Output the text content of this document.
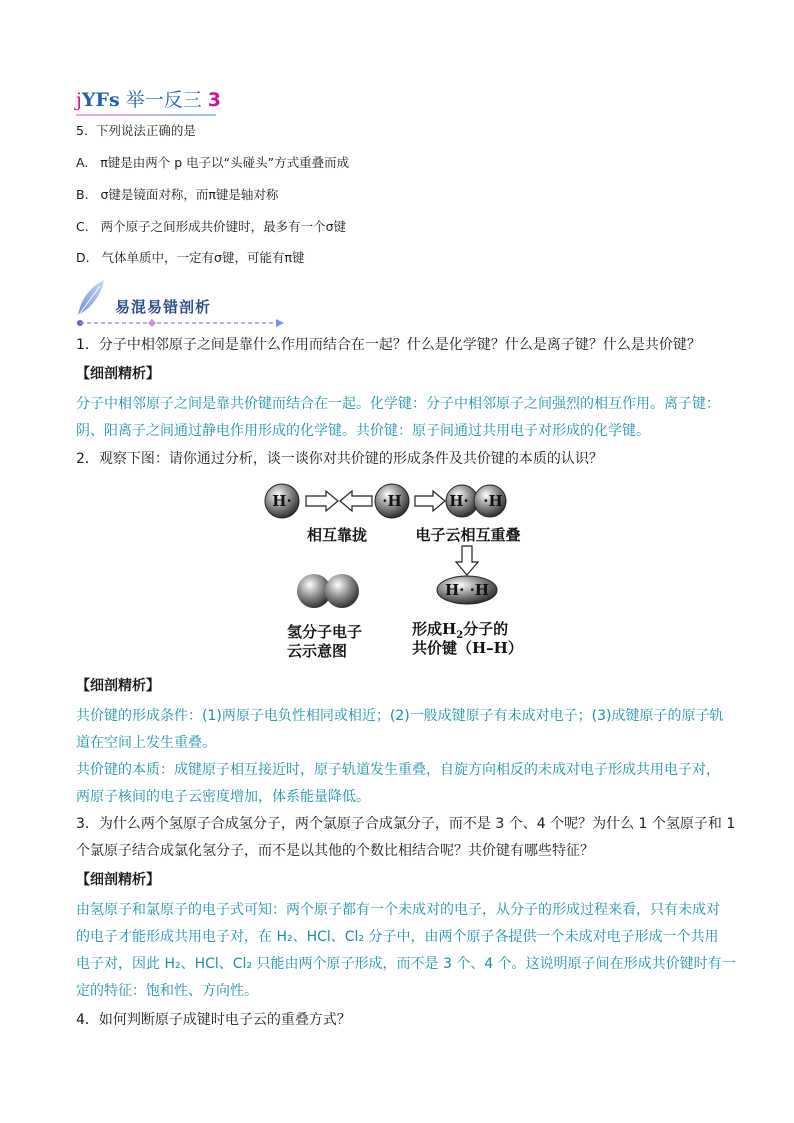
jYFs 举一反三 3
5. 下列说法正确的是
A. π键是由两个 p 电子以“头碰头”方式重叠而成
B. σ键是镜面对称，而π键是轴对称
C. 两个原子之间形成共价键时，最多有一个σ键
D. 气体单质中，一定有σ键，可能有π键
易混易错剖析
1．分子中相邻原子之间是靠什么作用而结合在一起？什么是化学键？什么是离子键？什么是共价键？
【细剖精析】
分子中相邻原子之间是靠共价键而结合在一起。化学键：分子中相邻原子之间强烈的相互作用。离子键：
阴、阳离子之间通过静电作用形成的化学键。共价键：原子间通过共用电子对形成的化学键。
2．观察下图：请你通过分析，谈一谈你对共价键的形成条件及共价键的本质的认识？
H·	·H	H· ·H
相互靠拢	电子云相互重叠
H· ·H
氢分子电子
云示意图
形成$H_2$分子的
共价键（H–H）
【细剖精析】
共价键的形成条件：(1)两原子电负性相同或相近；(2)一般成键原子有未成对电子；(3)成键原子的原子轨
道在空间上发生重叠。
共价键的本质：成键原子相互接近时，原子轨道发生重叠，自旋方向相反的未成对电子形成共用电子对，
两原子核间的电子云密度增加，体系能量降低。
3．为什么两个氢原子合成氢分子，两个氯原子合成氯分子，而不是 3 个、4 个呢？为什么 1 个氢原子和 1
个氯原子结合成氯化氢分子，而不是以其他的个数比相结合呢？共价键有哪些特征？
【细剖精析】
由氢原子和氯原子的电子式可知：两个原子都有一个未成对的电子，从分子的形成过程来看，只有未成对
的电子才能形成共用电子对，在 H₂、HCl、Cl₂ 分子中，由两个原子各提供一个未成对电子形成一个共用
电子对，因此 H₂、HCl、Cl₂ 只能由两个原子形成，而不是 3 个、4 个。这说明原子间在形成共价键时有一
定的特征：饱和性、方向性。
4．如何判断原子成键时电子云的重叠方式？
